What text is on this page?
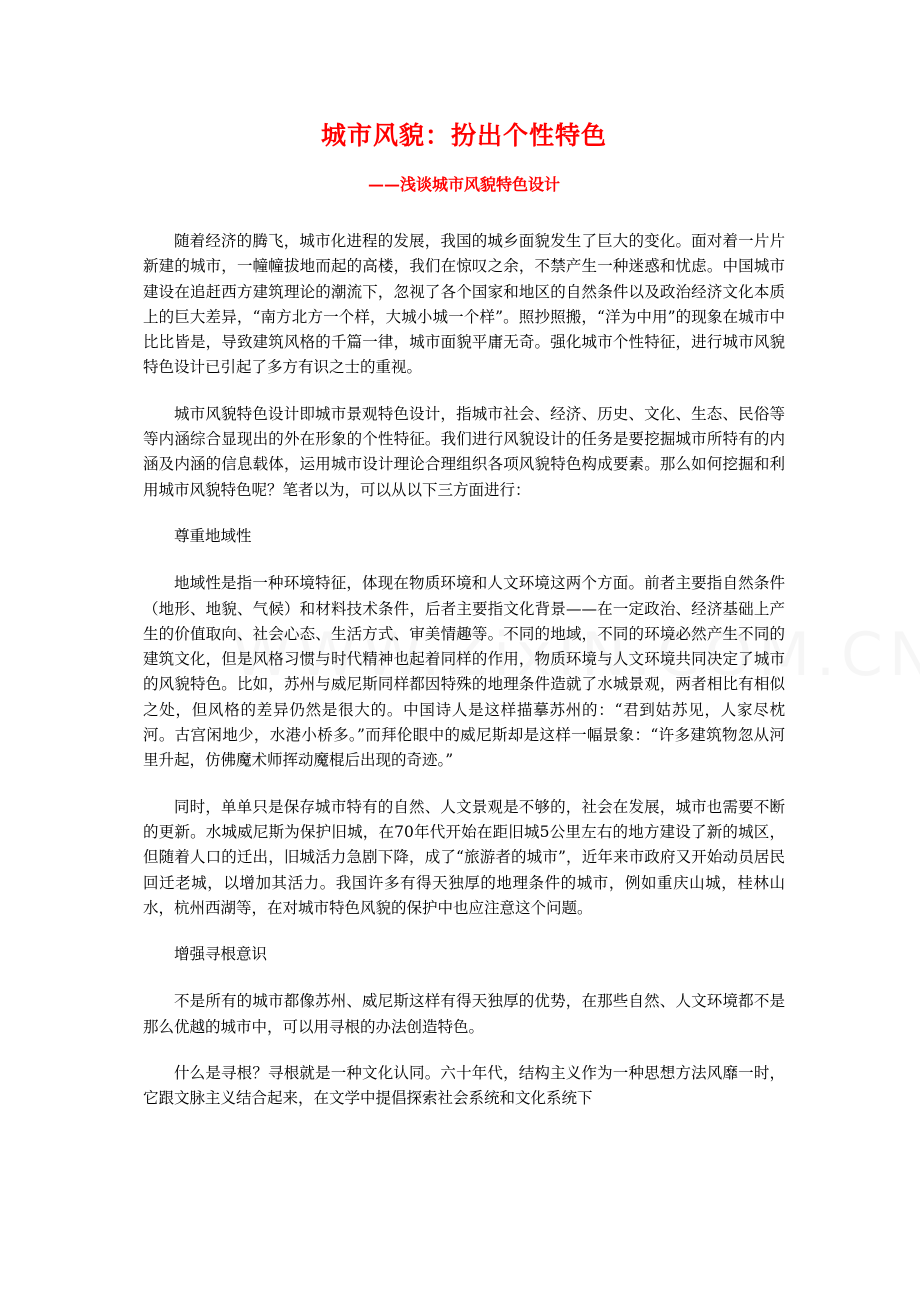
城市风貌：扮出个性特色
——浅谈城市风貌特色设计

随着经济的腾飞，城市化进程的发展，我国的城乡面貌发生了巨大的变化。面对着一片片新建的城市，一幢幢拔地而起的高楼，我们在惊叹之余，不禁产生一种迷惑和忧虑。中国城市建设在追赶西方建筑理论的潮流下，忽视了各个国家和地区的自然条件以及政治经济文化本质上的巨大差异，“南方北方一个样，大城小城一个样”。照抄照搬，“洋为中用”的现象在城市中比比皆是，导致建筑风格的千篇一律，城市面貌平庸无奇。强化城市个性特征，进行城市风貌特色设计已引起了多方有识之士的重视。

城市风貌特色设计即城市景观特色设计，指城市社会、经济、历史、文化、生态、民俗等等内涵综合显现出的外在形象的个性特征。我们进行风貌设计的任务是要挖掘城市所特有的内涵及内涵的信息载体，运用城市设计理论合理组织各项风貌特色构成要素。那么如何挖掘和利用城市风貌特色呢？笔者以为，可以从以下三方面进行：

尊重地域性

地域性是指一种环境特征，体现在物质环境和人文环境这两个方面。前者主要指自然条件（地形、地貌、气候）和材料技术条件，后者主要指文化背景——在一定政治、经济基础上产生的价值取向、社会心态、生活方式、审美情趣等。不同的地域，不同的环境必然产生不同的建筑文化，但是风格习惯与时代精神也起着同样的作用，物质环境与人文环境共同决定了城市的风貌特色。比如，苏州与威尼斯同样都因特殊的地理条件造就了水城景观，两者相比有相似之处，但风格的差异仍然是很大的。中国诗人是这样描摹苏州的：“君到姑苏见，人家尽枕河。古宫闲地少，水港小桥多。”而拜伦眼中的威尼斯却是这样一幅景象：“许多建筑物忽从河里升起，仿佛魔术师挥动魔棍后出现的奇迹。”

同时，单单只是保存城市特有的自然、人文景观是不够的，社会在发展，城市也需要不断的更新。水城威尼斯为保护旧城，在70年代开始在距旧城5公里左右的地方建设了新的城区，但随着人口的迁出，旧城活力急剧下降，成了“旅游者的城市”，近年来市政府又开始动员居民回迁老城，以增加其活力。我国许多有得天独厚的地理条件的城市，例如重庆山城，桂林山水，杭州西湖等，在对城市特色风貌的保护中也应注意这个问题。

增强寻根意识

不是所有的城市都像苏州、威尼斯这样有得天独厚的优势，在那些自然、人文环境都不是那么优越的城市中，可以用寻根的办法创造特色。

什么是寻根？寻根就是一种文化认同。六十年代，结构主义作为一种思想方法风靡一时，它跟文脉主义结合起来，在文学中提倡探索社会系统和文化系统下
